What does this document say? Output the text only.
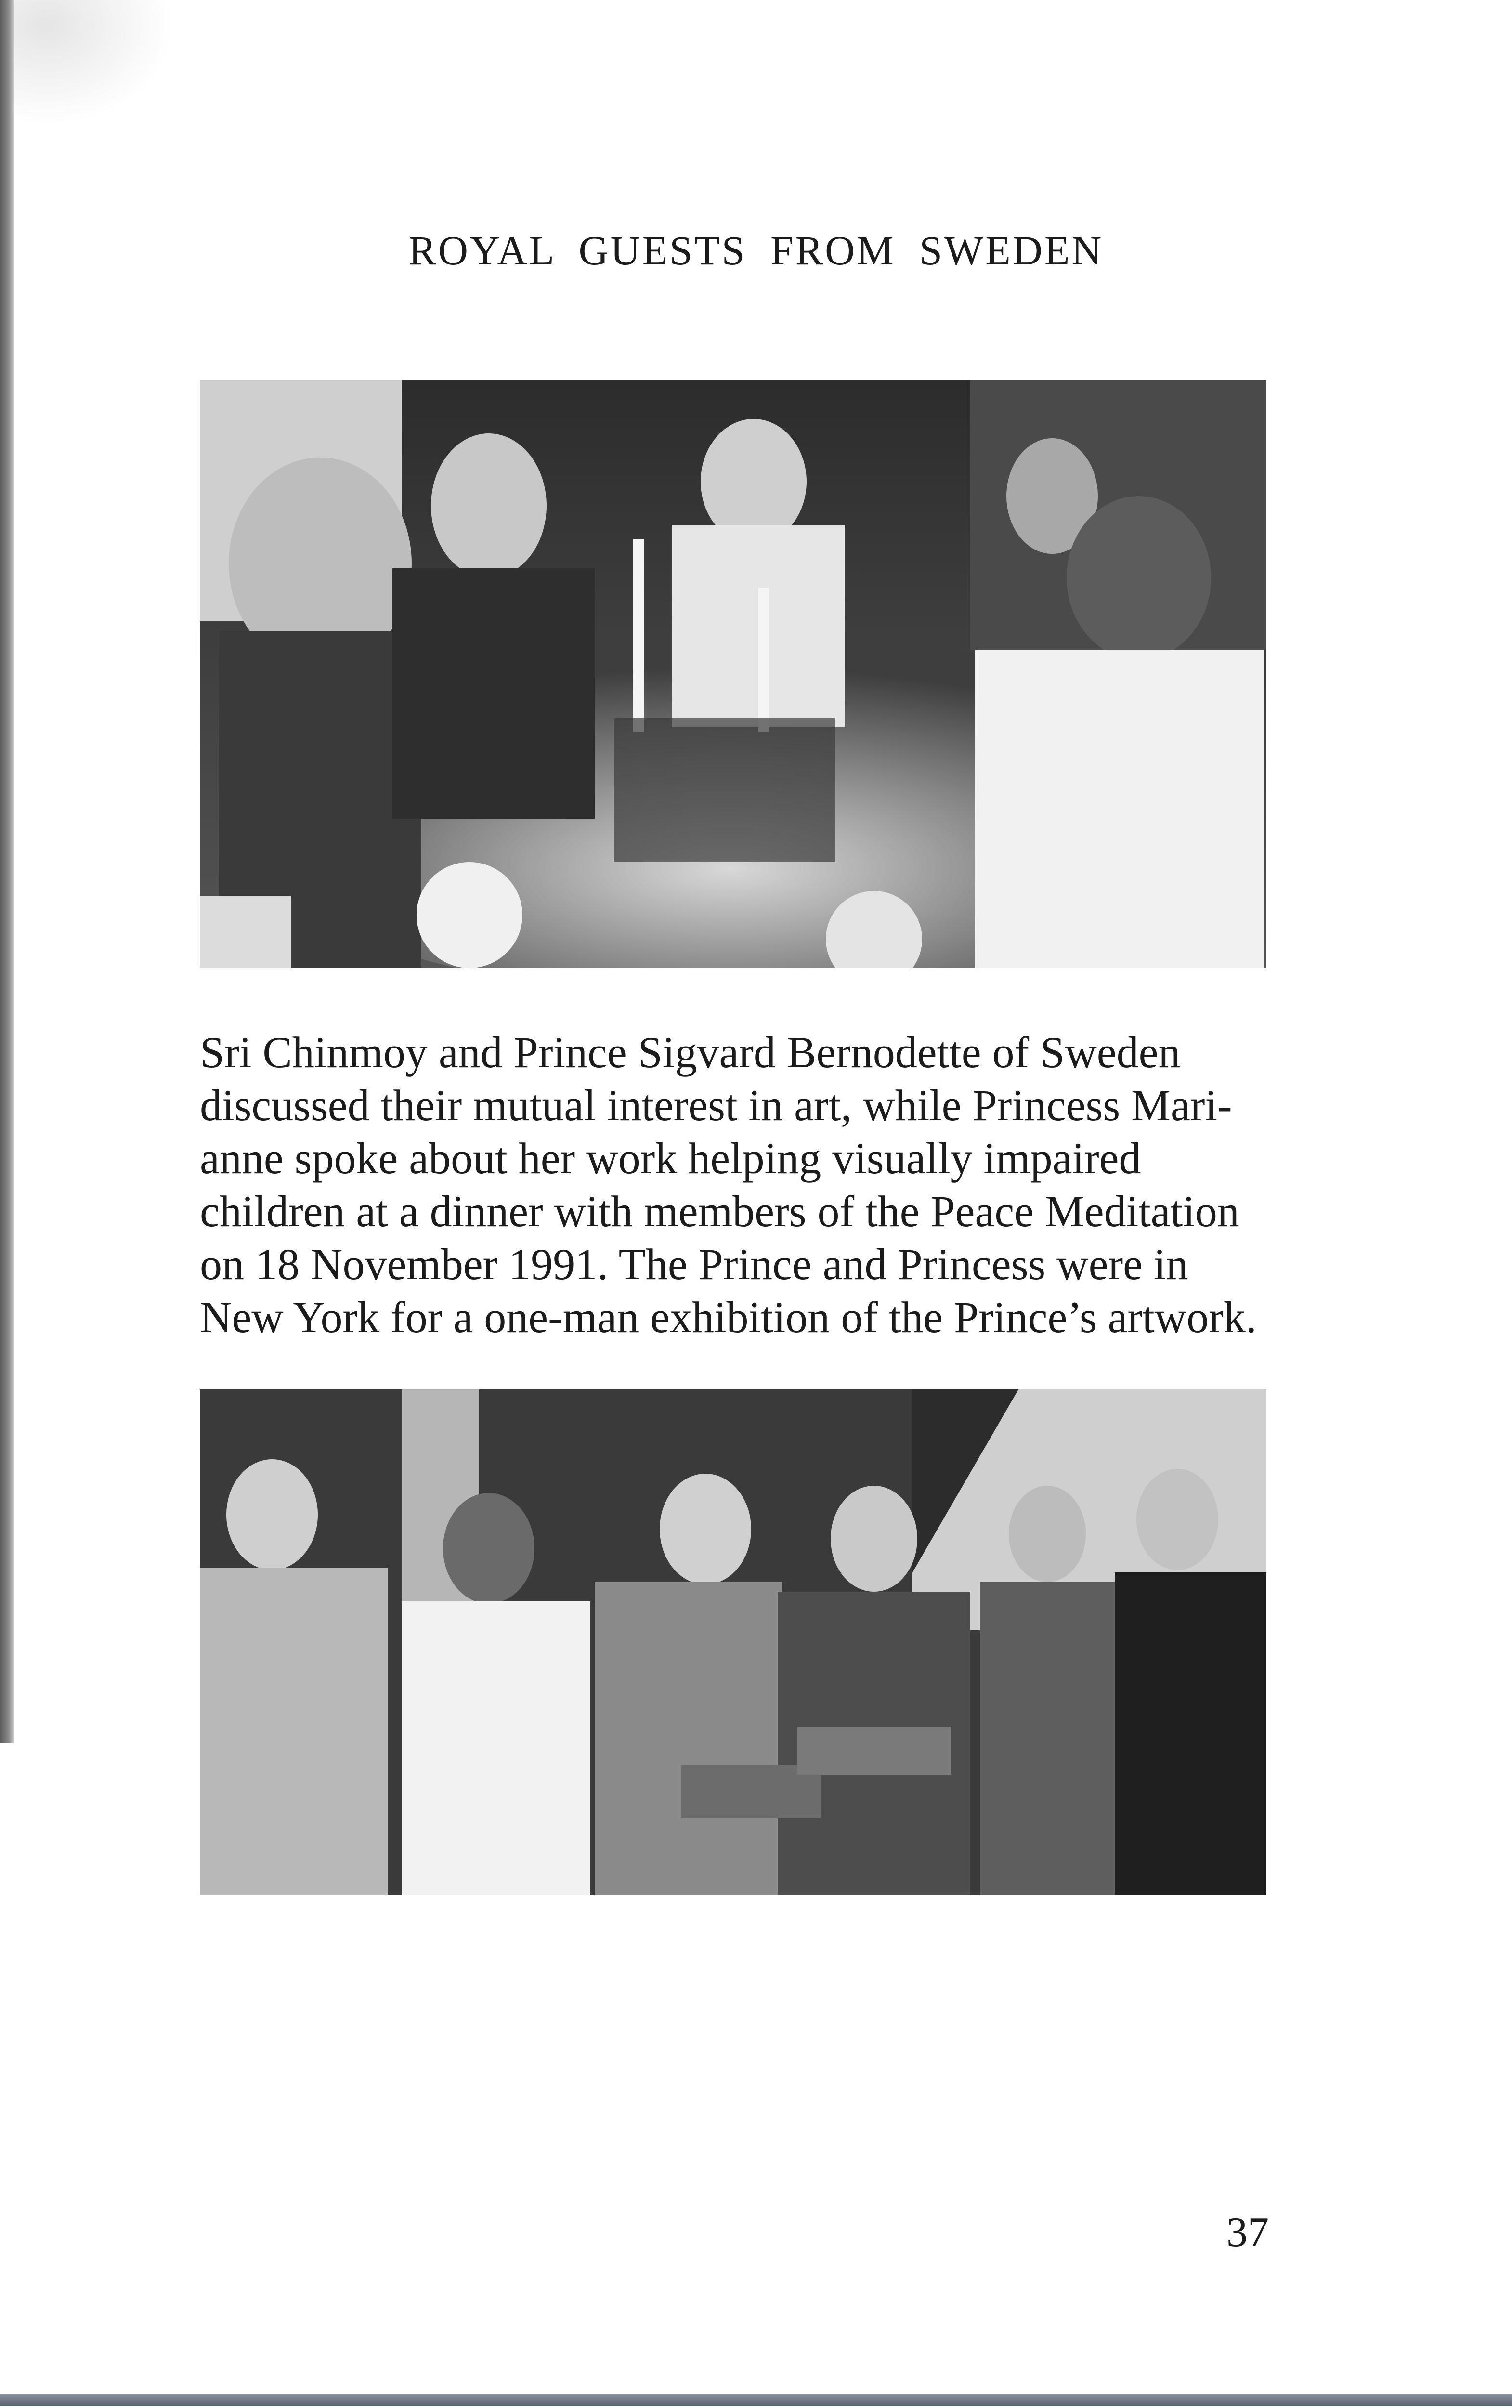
ROYAL GUESTS FROM SWEDEN

Sri Chinmoy and Prince Sigvard Bernodette of Sweden
discussed their mutual interest in art, while Princess Mari-
anne spoke about her work helping visually impaired
children at a dinner with members of the Peace Meditation
on 18 November 1991. The Prince and Princess were in
New York for a one-man exhibition of the Prince’s artwork.

37
